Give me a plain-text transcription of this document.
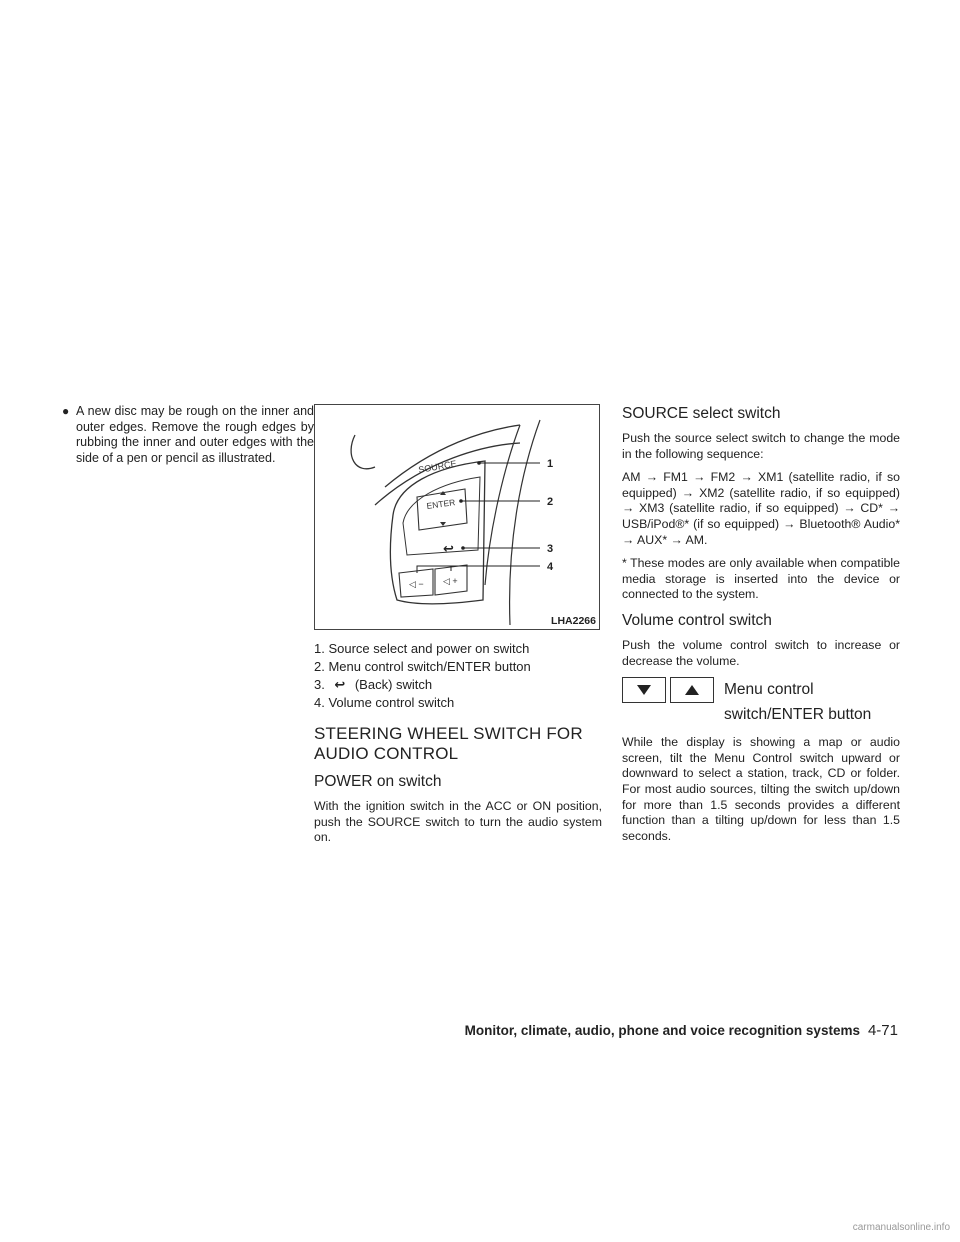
● A new disc may be rough on the inner and outer edges. Remove the rough edges by rubbing the inner and outer edges with the side of a pen or pencil as illustrated.
◁ − ◁ +
↩
SOURCE
ENTER
1
2
3
4
LHA2266
1. Source select and power on switch
2. Menu control switch/ENTER button
3. ↩ (Back) switch
4. Volume control switch
STEERING WHEEL SWITCH FOR
AUDIO CONTROL
POWER on switch

With the ignition switch in the ACC or ON position, push the SOURCE switch to turn the audio system on.

SOURCE select switch

Push the source select switch to change the mode in the following sequence:

AM → FM1 → FM2 → XM1 (satellite radio, if so equipped) → XM2 (satellite radio, if so equipped) → XM3 (satellite radio, if so equipped) → CD* → USB/iPod®* (if so equipped) → Bluetooth® Audio* → AUX* → AM.

* These modes are only available when compatible media storage is inserted into the device or connected to the system.

Volume control switch

Push the volume control switch to increase or decrease the volume.

Menu control
switch/ENTER button

While the display is showing a map or audio screen, tilt the Menu Control switch upward or downward to select a station, track, CD or folder. For most audio sources, tilting the switch up/down for more than 1.5 seconds provides a different function than a tilting up/down for less than 1.5 seconds.

Monitor, climate, audio, phone and voice recognition systems 4-71
carmanualsonline.info
